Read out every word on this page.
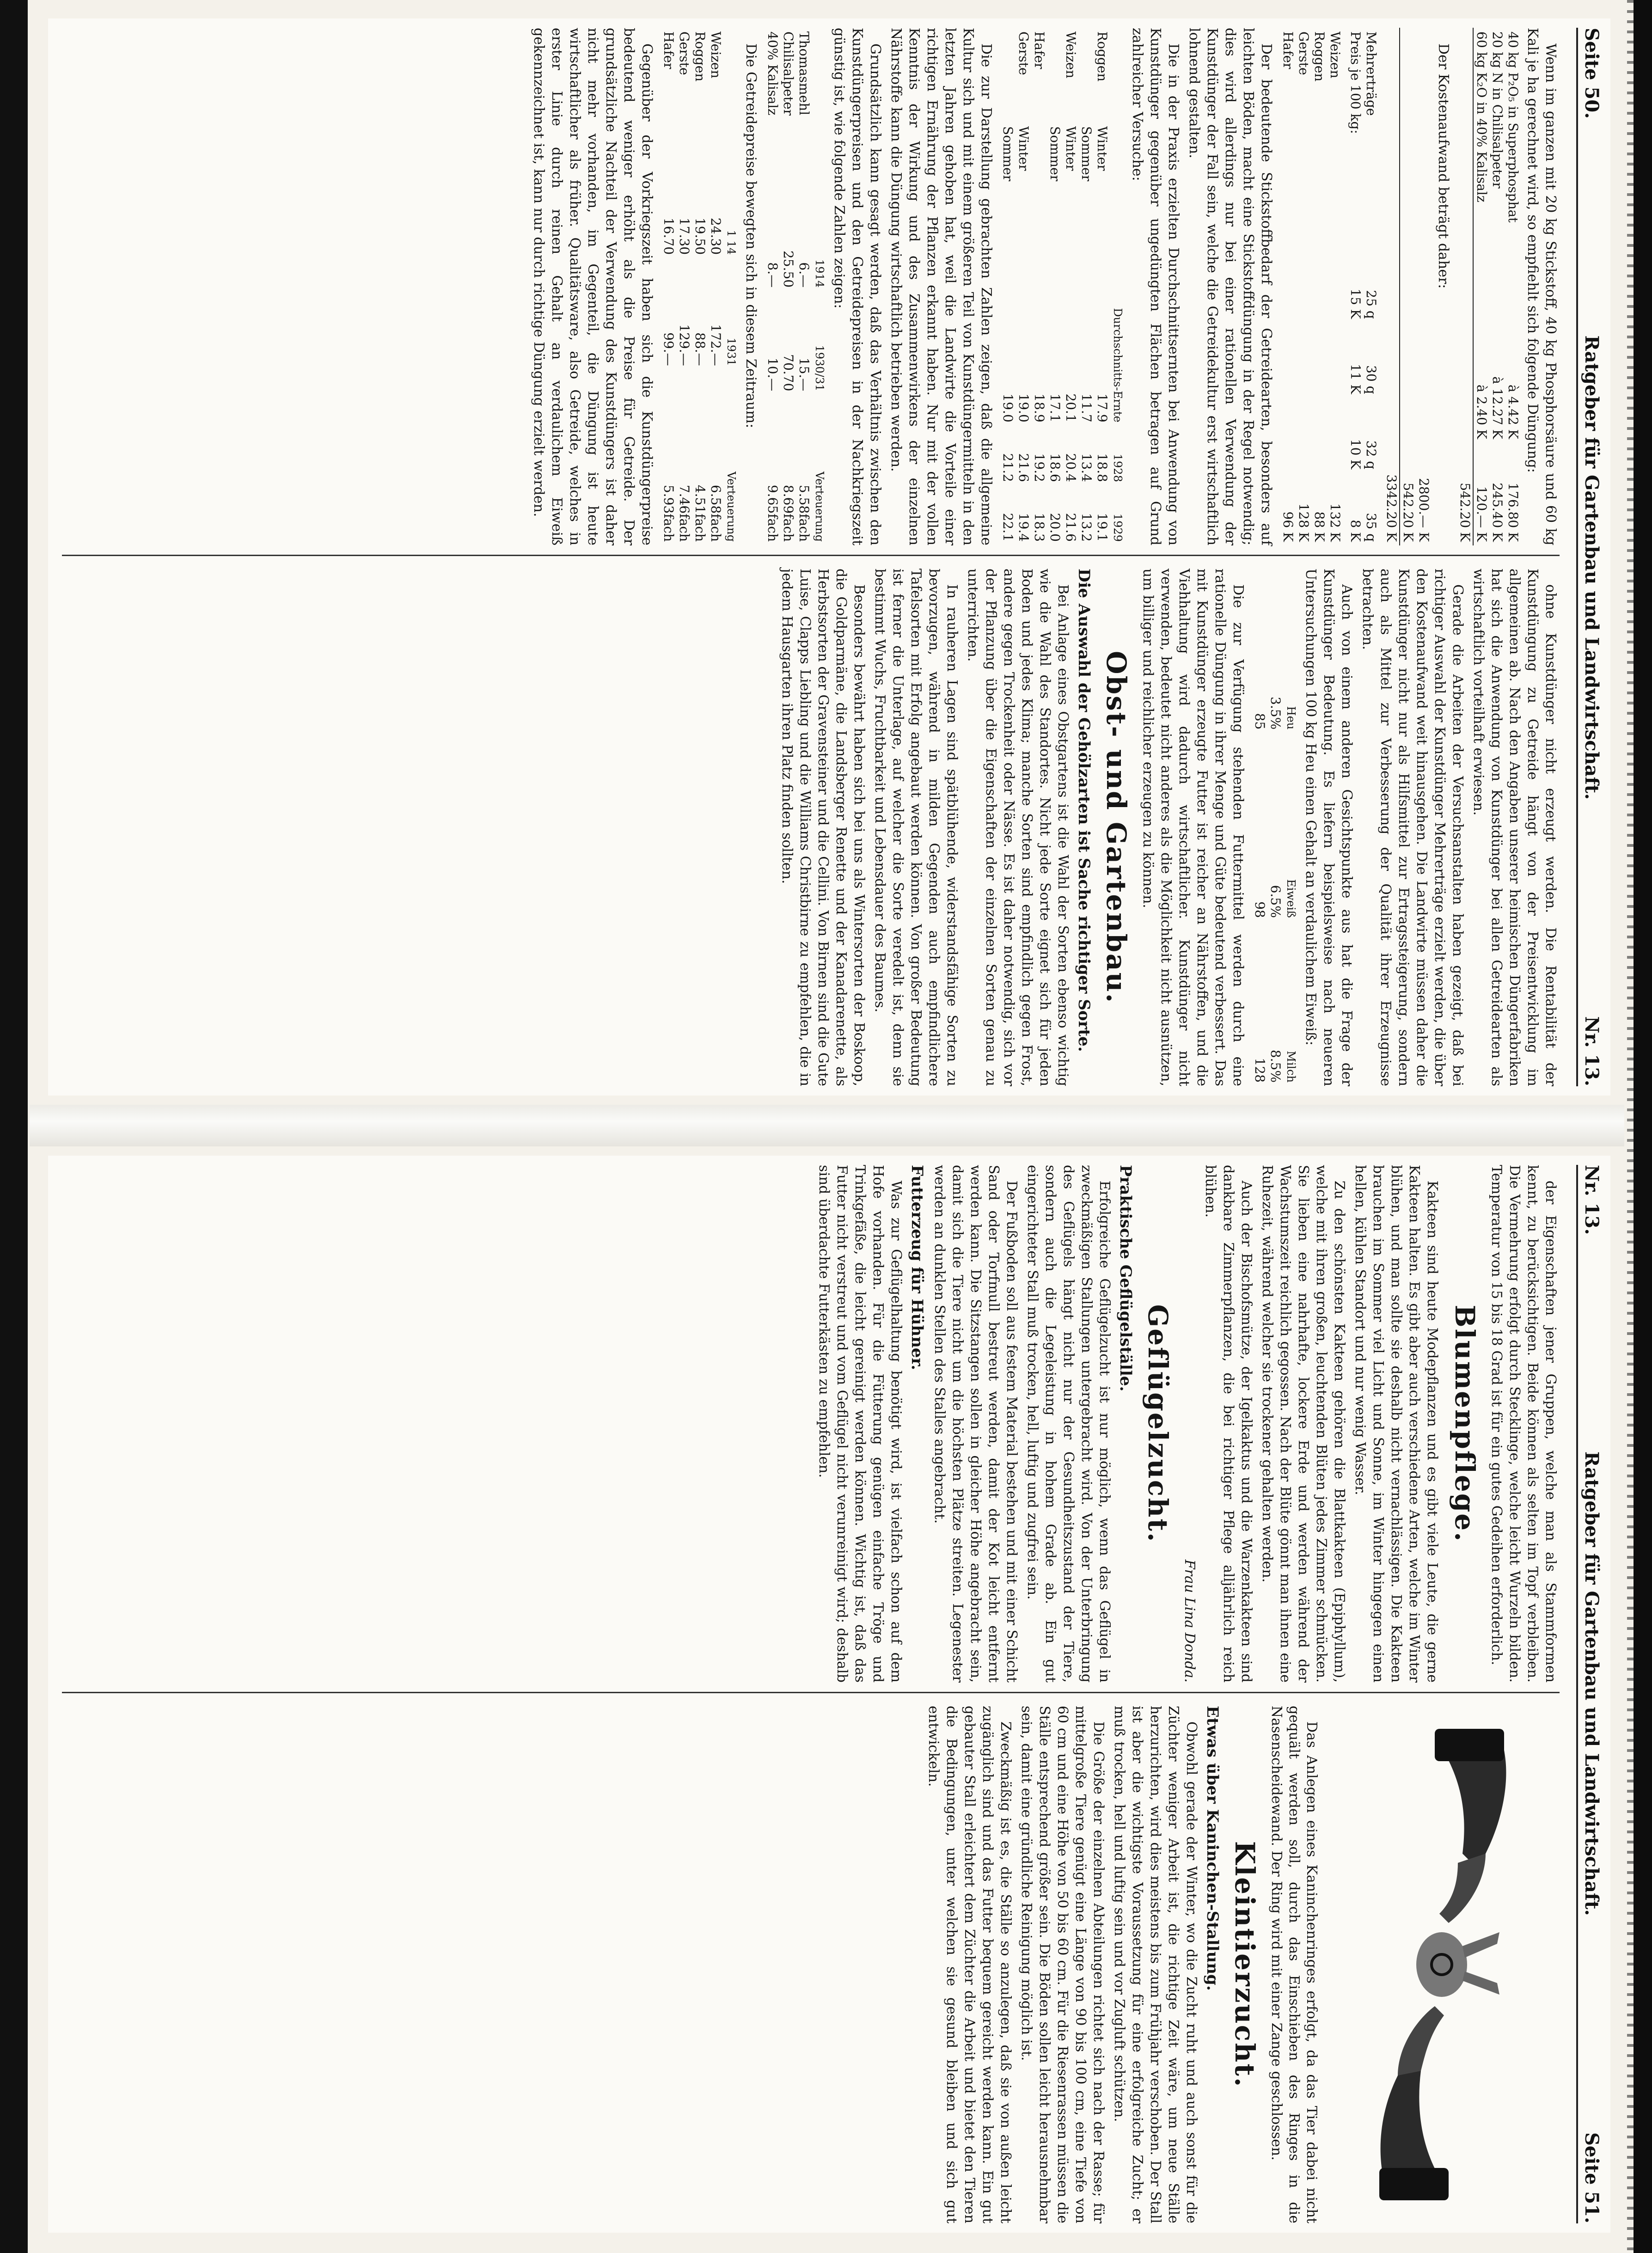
Seite 50.
Ratgeber für Gartenbau und Landwirtschaft.
Nr. 13.

Wenn im ganzen mit 20 kg Stickstoff, 40 kg Phosphorsäure und 60 kg Kali je ha gerechnet wird, so empfiehlt sich folgende Düngung:

40 kg P₂O₅ in Superphosphat	à 4.42 K	176.80 K
20 kg N in Chilisalpeter	à 12.27 K	245.40 K
60 kg K₂O in 40% Kalisalz	à 2.40 K	120.— K
		542.20 K

Der Kostenaufwand beträgt daher:

	2800.— K
	542.20 K
	3342.20 K
Mehrerträge	25 q	30 q	32 q	35 q
Preis je 100 kg:	15 K	11 K	10 K	8 K
Weizen	132 K
Roggen	88 K
Gerste	128 K
Hafer	96 K

Der bedeutende Stickstoffbedarf der Getreidearten, besonders auf leichten Böden, macht eine Stickstoffdüngung in der Regel notwendig; dies wird allerdings nur bei einer rationellen Verwendung der Kunstdünger der Fall sein, welche die Getreidekultur erst wirtschaftlich lohnend gestalten.

Die in der Praxis erzielten Durchschnittsernten bei Anwendung von Kunstdünger gegenüber ungedüngten Flächen betragen auf Grund zahlreicher Versuche:

		Durchschnitts-Ernte	1928	1929
Roggen	Winter	17.9	18.8	19.1
	Sommer	11.7	13.4	13.2
Weizen	Winter	20.1	20.4	21.6
	Sommer	17.1	18.6	20.0
Hafer		18.9	19.2	18.3
Gerste	Winter	19.0	21.6	19.4
	Sommer	19.0	21.2	22.1

Die zur Darstellung gebrachten Zahlen zeigen, daß die allgemeine Kultur sich und mit einem größeren Teil von Kunstdüngermitteln in den letzten Jahren gehoben hat, weil die Landwirte die Vorteile einer richtigen Ernährung der Pflanzen erkannt haben. Nur mit der vollen Kenntnis der Wirkung und des Zusammenwirkens der einzelnen Nährstoffe kann die Düngung wirtschaftlich betrieben werden.

Grundsätzlich kann gesagt werden, daß das Verhältnis zwischen den Kunstdüngerpreisen und den Getreidepreisen in der Nachkriegszeit günstig ist, wie folgende Zahlen zeigen:

	1914	1930/31	Verteuerung
Thomasmehl	6.—	15.—	5.58fach
Chilisalpeter	25.50	70.70	8.69fach
40% Kalisalz	8.—	10.—	9.65fach

Die Getreidepreise bewegten sich in diesem Zeitraum:

	1 14	1931	Verteuerung
Weizen	24.30	172.—	6.58fach
Roggen	19.50	88.—	4.51fach
Gerste	17.30	129.—	7.46fach
Hafer	16.70	99.—	5.93fach

Gegenüber der Vorkriegszeit haben sich die Kunstdüngerpreise bedeutend weniger erhöht als die Preise für Getreide. Der grundsätzliche Nachteil der Verwendung des Kunstdüngers ist daher nicht mehr vorhanden, im Gegenteil, die Düngung ist heute wirtschaftlicher als früher. Qualitätsware, also Getreide, welches in erster Linie durch reinen Gehalt an verdaulichem Eiweiß gekennzeichnet ist, kann nur durch richtige Düngung erzielt werden.

ohne Kunstdünger nicht erzeugt werden. Die Rentabilität der Kunstdüngung zu Getreide hängt von der Preisentwicklung im allgemeinen ab. Nach den Angaben unserer heimischen Düngerfabriken hat sich die Anwendung von Kunstdünger bei allen Getreidearten als wirtschaftlich vorteilhaft erwiesen.

Gerade die Arbeiten der Versuchsanstalten haben gezeigt, daß bei richtiger Auswahl der Kunstdünger Mehrerträge erzielt werden, die über den Kostenaufwand weit hinausgehen. Die Landwirte müssen daher die Kunstdünger nicht nur als Hilfsmittel zur Ertragssteigerung, sondern auch als Mittel zur Verbesserung der Qualität ihrer Erzeugnisse betrachten.

Auch von einem anderen Gesichtspunkte aus hat die Frage der Kunstdünger Bedeutung. Es liefern beispielsweise nach neueren Untersuchungen 100 kg Heu einen Gehalt an verdaulichem Eiweiß:

Heu	Eiweiß	Milch
3.5%	6.5%	8.5%
85	98	128

Die zur Verfügung stehenden Futtermittel werden durch eine rationelle Düngung in ihrer Menge und Güte bedeutend verbessert. Das mit Kunstdünger erzeugte Futter ist reicher an Nährstoffen, und die Viehhaltung wird dadurch wirtschaftlicher. Kunstdünger nicht verwenden, bedeutet nicht anderes als die Möglichkeit nicht ausnützen, um billiger und reichlicher erzeugen zu können.

Obst- und Gartenbau.
Die Auswahl der Gehölzarten ist Sache richtiger Sorte.

Bei Anlage eines Obstgartens ist die Wahl der Sorten ebenso wichtig wie die Wahl des Standortes. Nicht jede Sorte eignet sich für jeden Boden und jedes Klima; manche Sorten sind empfindlich gegen Frost, andere gegen Trockenheit oder Nässe. Es ist daher notwendig, sich vor der Pflanzung über die Eigenschaften der einzelnen Sorten genau zu unterrichten.

In rauheren Lagen sind spätblühende, widerstandsfähige Sorten zu bevorzugen, während in milden Gegenden auch empfindlichere Tafelsorten mit Erfolg angebaut werden können. Von großer Bedeutung ist ferner die Unterlage, auf welcher die Sorte veredelt ist, denn sie bestimmt Wuchs, Fruchtbarkeit und Lebensdauer des Baumes.

Besonders bewährt haben sich bei uns als Wintersorten der Boskoop, die Goldparmäne, die Landsberger Renette und der Kanadarenette, als Herbstsorten der Gravensteiner und die Cellini. Von Birnen sind die Gute Luise, Clapps Liebling und die Williams Christbirne zu empfehlen, die in jedem Hausgarten ihren Platz finden sollten.

Nr. 13.
Ratgeber für Gartenbau und Landwirtschaft.
Seite 51.

der Eigenschaften jener Gruppen, welche man als Stammformen kennt, zu berücksichtigen. Beide können als selten im Topf verbleiben. Die Vermehrung erfolgt durch Stecklinge, welche leicht Wurzeln bilden. Temperatur von 15 bis 18 Grad ist für ein gutes Gedeihen erforderlich.

Blumenpflege.

Kakteen sind heute Modepflanzen und es gibt viele Leute, die gerne Kakteen halten. Es gibt aber auch verschiedene Arten, welche im Winter blühen, und man sollte sie deshalb nicht vernachlässigen. Die Kakteen brauchen im Sommer viel Licht und Sonne, im Winter hingegen einen hellen, kühlen Standort und nur wenig Wasser.

Zu den schönsten Kakteen gehören die Blattkakteen (Epiphyllum), welche mit ihren großen, leuchtenden Blüten jedes Zimmer schmücken. Sie lieben eine nahrhafte, lockere Erde und werden während der Wachstumszeit reichlich gegossen. Nach der Blüte gönnt man ihnen eine Ruhezeit, während welcher sie trockener gehalten werden.

Auch der Bischofsmütze, der Igelkaktus und die Warzenkakteen sind dankbare Zimmerpflanzen, die bei richtiger Pflege alljährlich reich blühen.

Frau Lina Donda.
Geflügelzucht.
Praktische Geflügelställe.

Erfolgreiche Geflügelzucht ist nur möglich, wenn das Geflügel in zweckmäßigen Stallungen untergebracht wird. Von der Unterbringung des Geflügels hängt nicht nur der Gesundheitszustand der Tiere, sondern auch die Legeleistung in hohem Grade ab. Ein gut eingerichteter Stall muß trocken, hell, luftig und zugfrei sein.

Der Fußboden soll aus festem Material bestehen und mit einer Schicht Sand oder Torfmull bestreut werden, damit der Kot leicht entfernt werden kann. Die Sitzstangen sollen in gleicher Höhe angebracht sein, damit sich die Tiere nicht um die höchsten Plätze streiten. Legenester werden an dunklen Stellen des Stalles angebracht.

Futterzeug für Hühner.

Was zur Geflügelhaltung benötigt wird, ist vielfach schon auf dem Hofe vorhanden. Für die Fütterung genügen einfache Tröge und Trinkgefäße, die leicht gereinigt werden können. Wichtig ist, daß das Futter nicht verstreut und vom Geflügel nicht verunreinigt wird; deshalb sind überdachte Futterkästen zu empfehlen.

Das Anlegen eines Kaninchenringes erfolgt, da das Tier dabei nicht gequält werden soll, durch das Einschieben des Ringes in die Nasenscheidewand. Der Ring wird mit einer Zange geschlossen.

Kleintierzucht.
Etwas über Kaninchen-Stallung.

Obwohl gerade der Winter, wo die Zucht ruht und auch sonst für die Züchter weniger Arbeit ist, die richtige Zeit wäre, um neue Ställe herzurichten, wird dies meistens bis zum Frühjahr verschoben. Der Stall ist aber die wichtigste Voraussetzung für eine erfolgreiche Zucht; er muß trocken, hell und luftig sein und vor Zugluft schützen.

Die Größe der einzelnen Abteilungen richtet sich nach der Rasse; für mittelgroße Tiere genügt eine Länge von 90 bis 100 cm, eine Tiefe von 60 cm und eine Höhe von 50 bis 60 cm. Für die Riesenrassen müssen die Ställe entsprechend größer sein. Die Böden sollen leicht herausnehmbar sein, damit eine gründliche Reinigung möglich ist.

Zweckmäßig ist es, die Ställe so anzulegen, daß sie von außen leicht zugänglich sind und das Futter bequem gereicht werden kann. Ein gut gebauter Stall erleichtert dem Züchter die Arbeit und bietet den Tieren die Bedingungen, unter welchen sie gesund bleiben und sich gut entwickeln.
